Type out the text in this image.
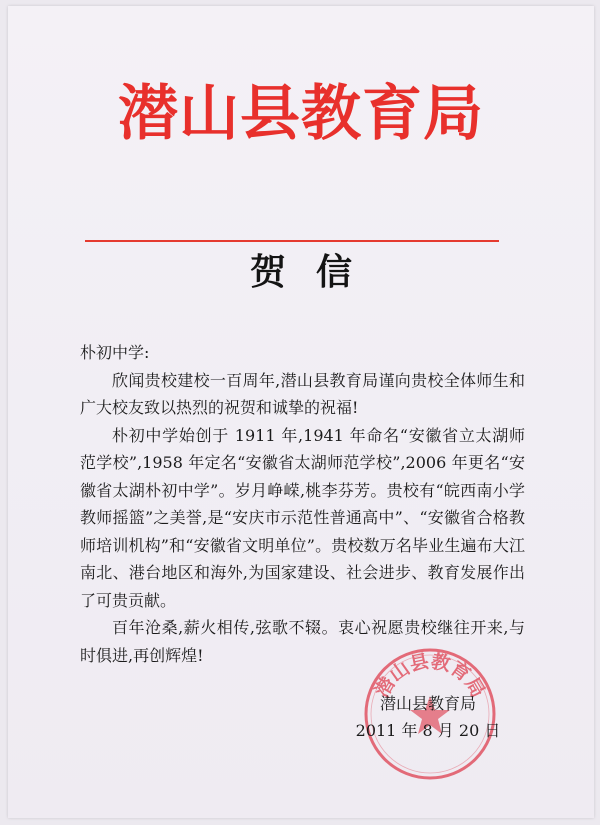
潜山县教育局
贺信

朴初中学:

欣闻贵校建校一百周年,潜山县教育局谨向贵校全体师生和广大校友致以热烈的祝贺和诚挚的祝福!

朴初中学始创于 1911 年,1941 年命名“安徽省立太湖师范学校”,1958 年定名“安徽省太湖师范学校”,2006 年更名“安徽省太湖朴初中学”。岁月峥嵘,桃李芬芳。贵校有“皖西南小学教师摇篮”之美誉,是“安庆市示范性普通高中”、“安徽省合格教师培训机构”和“安徽省文明单位”。贵校数万名毕业生遍布大江南北、港台地区和海外,为国家建设、社会进步、教育发展作出了可贵贡献。

百年沧桑,薪火相传,弦歌不辍。衷心祝愿贵校继往开来,与时俱进,再创辉煌!

潜山县教育局
潜山县教育局
2011 年 8 月 20 日
